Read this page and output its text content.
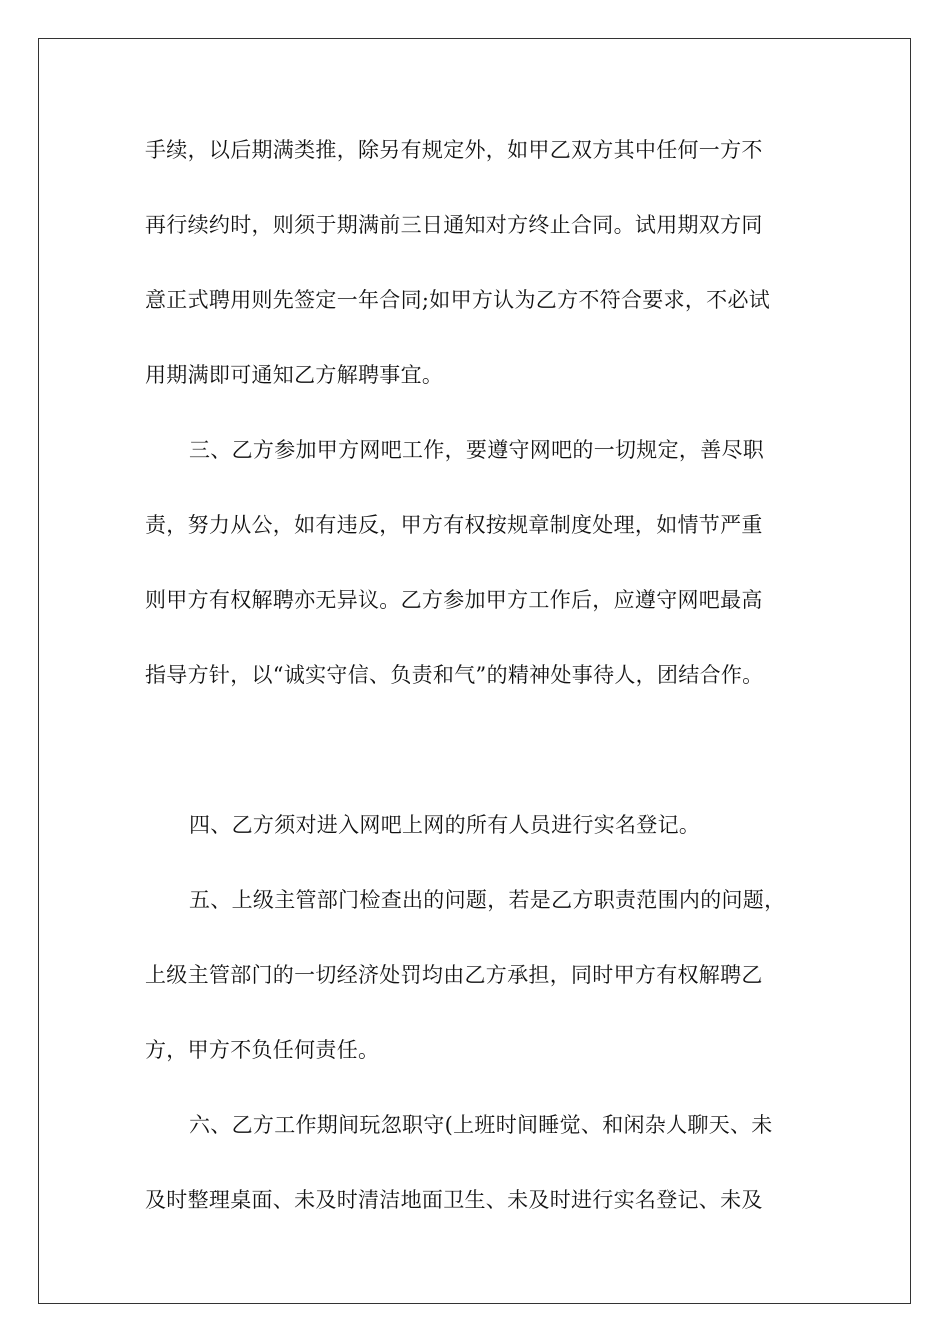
手续，以后期满类推，除另有规定外，如甲乙双方其中任何一方不
再行续约时，则须于期满前三日通知对方终止合同。试用期双方同
意正式聘用则先签定一年合同;如甲方认为乙方不符合要求，不必试
用期满即可通知乙方解聘事宜。
三、乙方参加甲方网吧工作，要遵守网吧的一切规定，善尽职
责，努力从公，如有违反，甲方有权按规章制度处理，如情节严重
则甲方有权解聘亦无异议。乙方参加甲方工作后，应遵守网吧最高
指导方针，以“诚实守信、负责和气”的精神处事待人，团结合作。
四、乙方须对进入网吧上网的所有人员进行实名登记。
五、上级主管部门检查出的问题，若是乙方职责范围内的问题，
上级主管部门的一切经济处罚均由乙方承担，同时甲方有权解聘乙
方，甲方不负任何责任。
六、乙方工作期间玩忽职守(上班时间睡觉、和闲杂人聊天、未
及时整理桌面、未及时清洁地面卫生、未及时进行实名登记、未及
